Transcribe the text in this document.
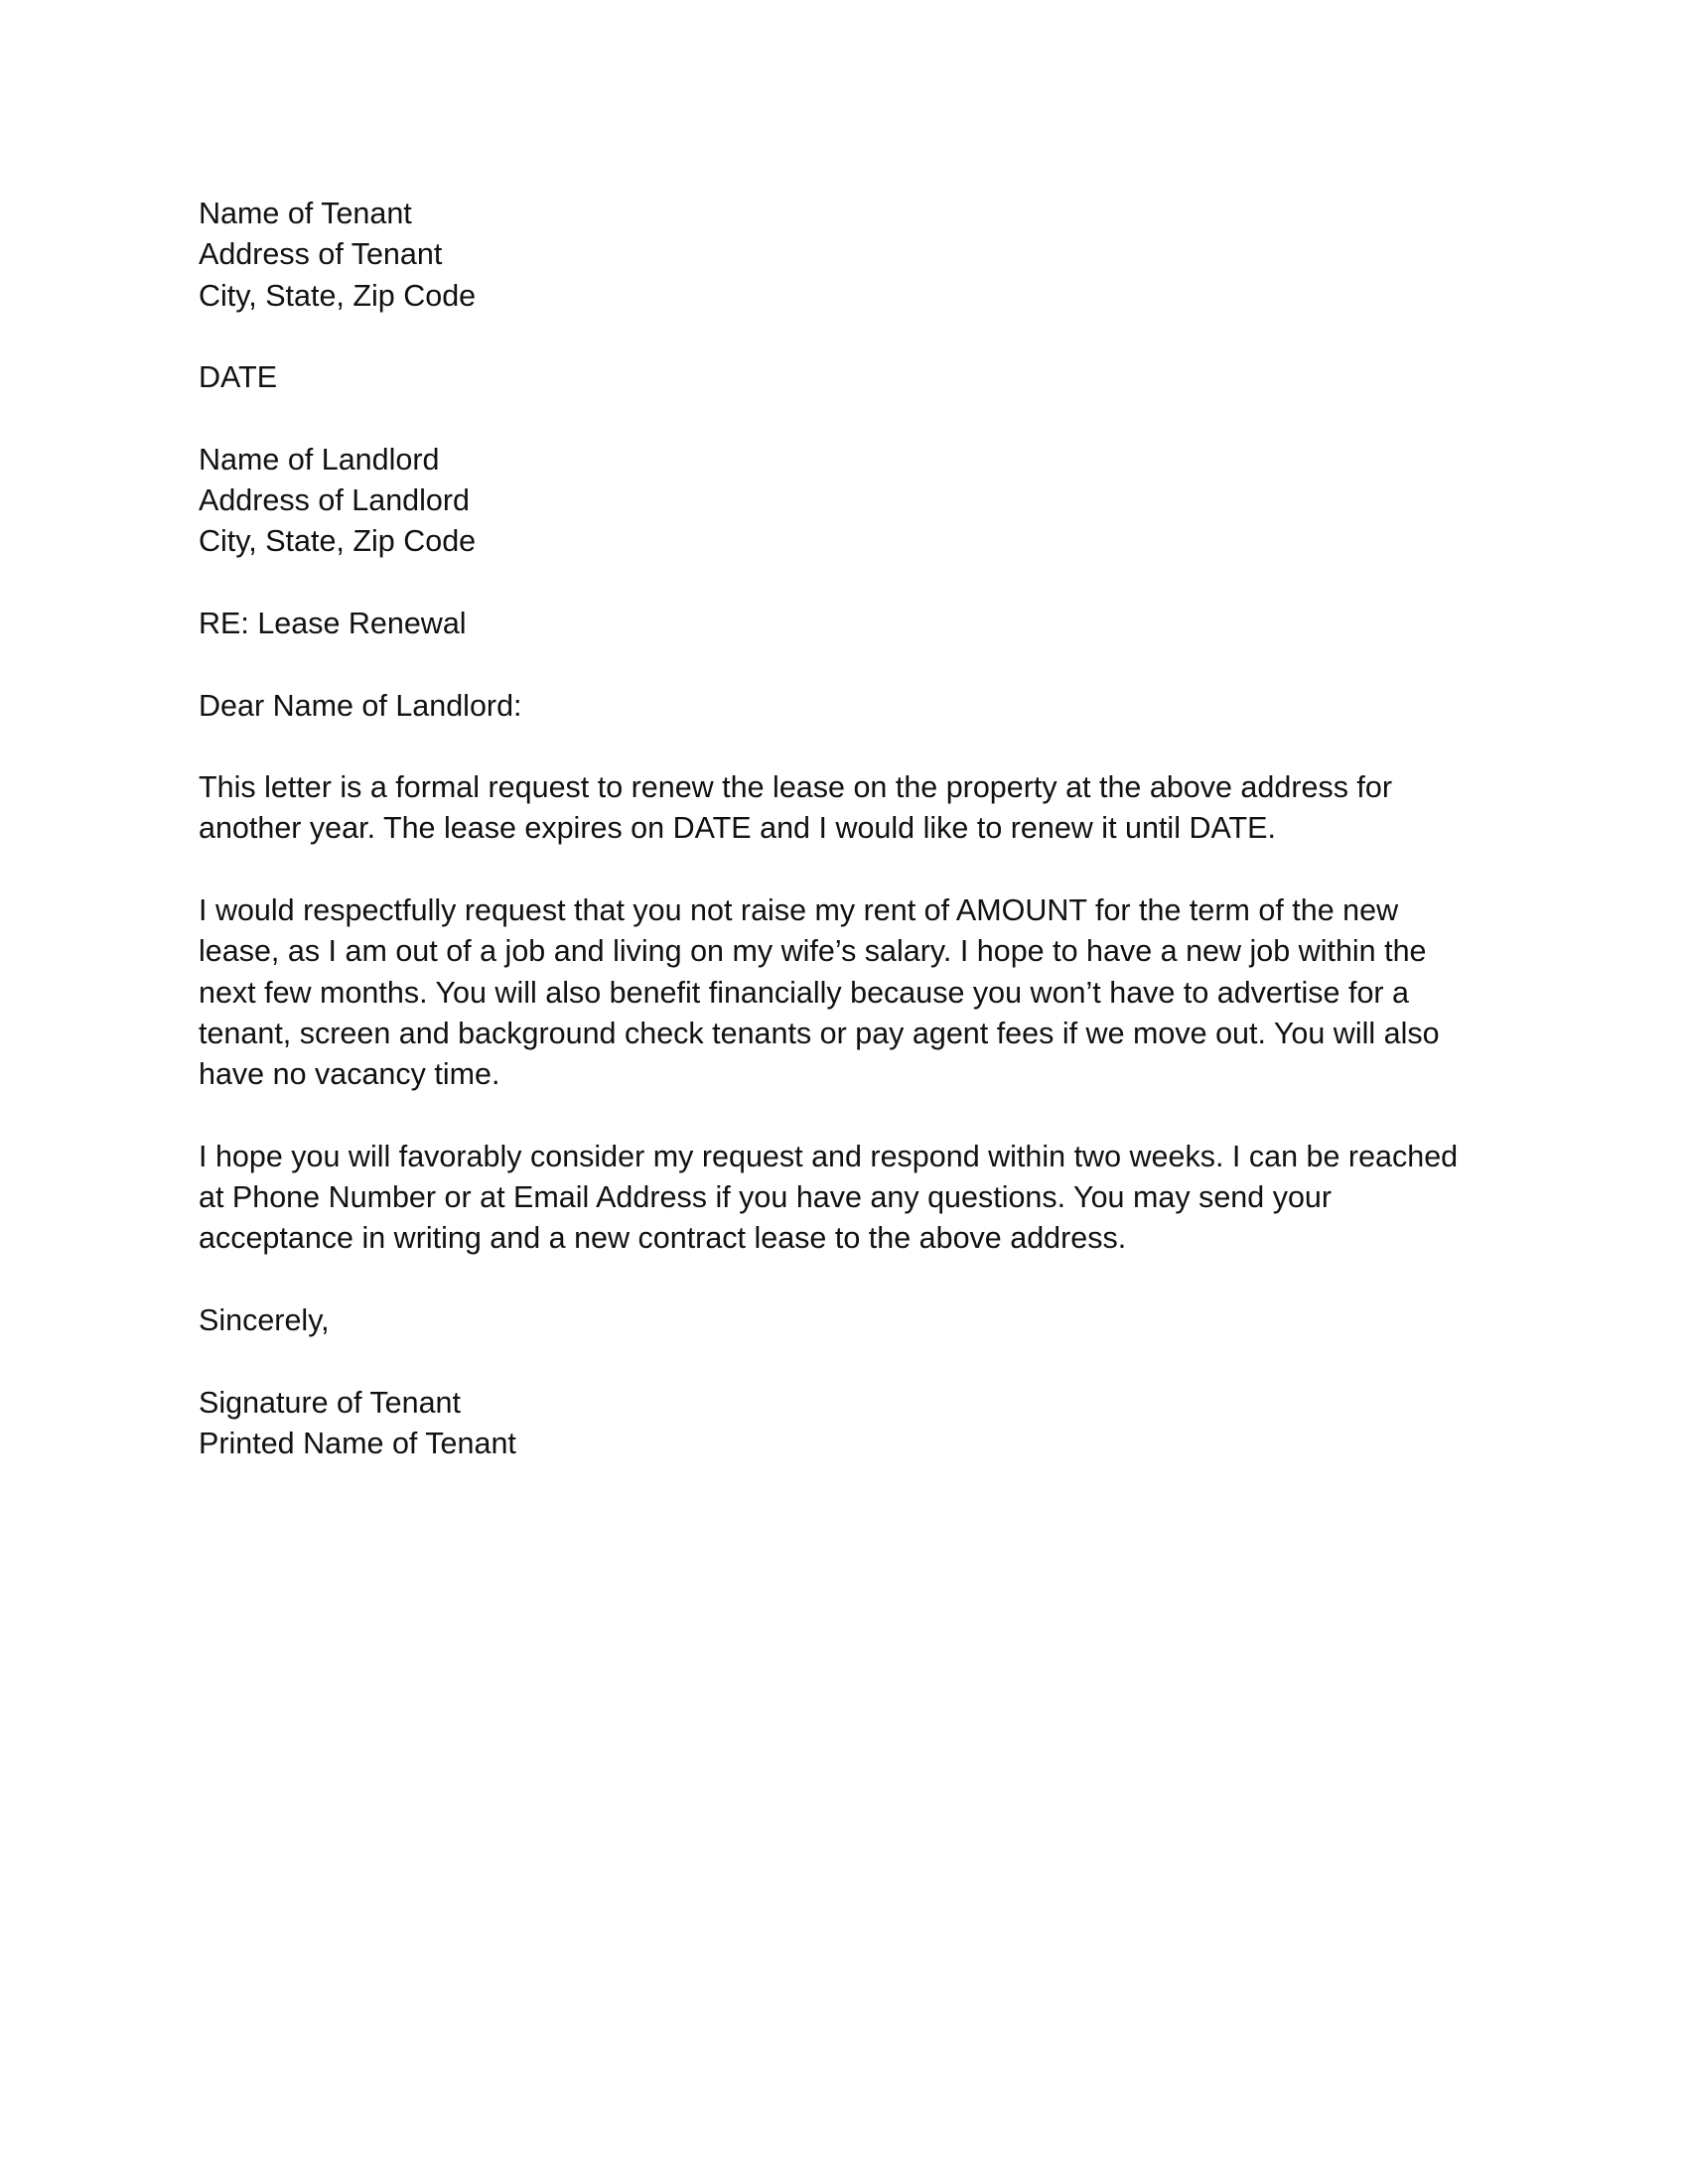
Name of Tenant
Address of Tenant
City, State, Zip Code
DATE
Name of Landlord
Address of Landlord
City, State, Zip Code
RE: Lease Renewal
Dear Name of Landlord:

This letter is a formal request to renew the lease on the property at the above address for another year. The lease expires on DATE and I would like to renew it until DATE.

I would respectfully request that you not raise my rent of AMOUNT for the term of the new lease, as I am out of a job and living on my wife’s salary. I hope to have a new job within the next few months. You will also benefit financially because you won’t have to advertise for a tenant, screen and background check tenants or pay agent fees if we move out. You will also have no vacancy time.

I hope you will favorably consider my request and respond within two weeks. I can be reached at Phone Number or at Email Address if you have any questions. You may send your acceptance in writing and a new contract lease to the above address.

Sincerely,
Signature of Tenant
Printed Name of Tenant
